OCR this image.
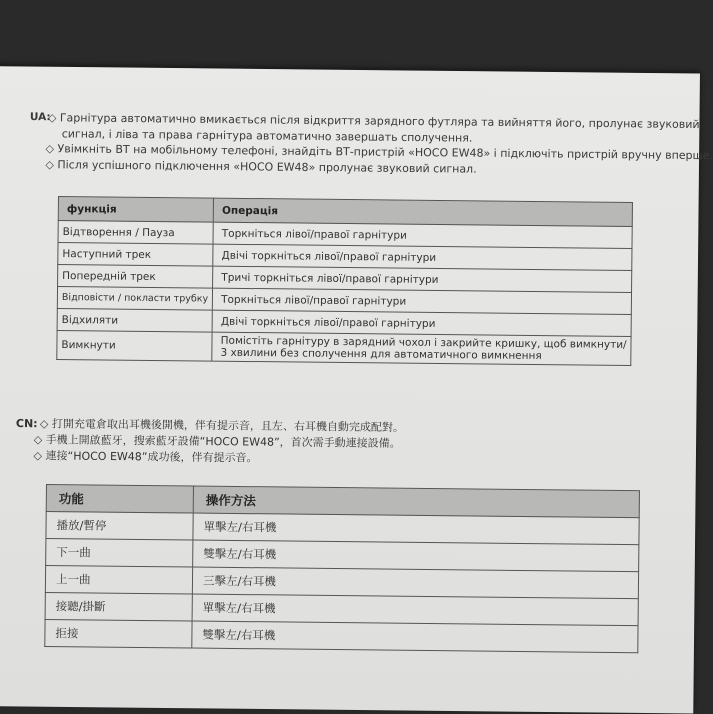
UA:
◇ Гарнітура автоматично вмикається після відкриття зарядного футляра та вийняття його, пролунає звуковий
сигнал, і ліва та права гарнітура автоматично завершать сполучення.
◇ Увімкніть ВТ на мобільному телефоні, знайдіть ВТ-пристрій «HOCO EW48» і підключіть пристрій вручну вперше.
◇ Після успішного підключення «HOCO EW48» пролунає звуковий сигнал.
функція	Операція
Відтворення / Пауза	Торкніться лівої/правої гарнітури
Наступний трек	Двічі торкніться лівої/правої гарнітури
Попередній трек	Тричі торкніться лівої/правої гарнітури
Відповісти / покласти трубку	Торкніться лівої/правої гарнітури
Відхиляти	Двічі торкніться лівої/правої гарнітури
Вимкнути	Помістіть гарнітуру в зарядний чохол і закрийте кришку, щоб вимкнути/
3 хвилини без сполучення для автоматичного вимкнення
CN: ◇ 打開充電倉取出耳機後開機，伴有提示音，且左、右耳機自動完成配對。
◇ 手機上開啟藍牙，搜索藍牙設備“HOCO EW48”，首次需手動連接設備。
◇ 連接“HOCO EW48”成功後，伴有提示音。
功能	操作方法
播放/暫停	單擊左/右耳機
下一曲	雙擊左/右耳機
上一曲	三擊左/右耳機
接聽/掛斷	單擊左/右耳機
拒接	雙擊左/右耳機
